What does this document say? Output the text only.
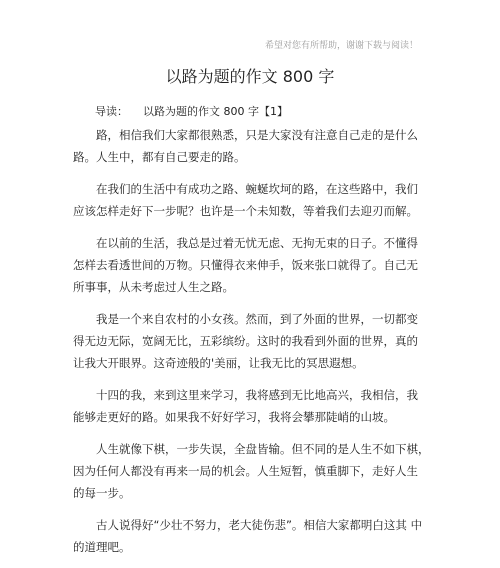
希望对您有所帮助，谢谢下载与阅读！
以路为题的作文 800 字
导读： 以路为题的作文 800 字【1】

路，相信我们大家都很熟悉，只是大家没有注意自己走的是什么 路。人生中，都有自己要走的路。

在我们的生活中有成功之路、蜿蜒坎坷的路，在这些路中，我们 应该怎样走好下一步呢？也许是一个未知数，等着我们去迎刃而解。

在以前的生活，我总是过着无忧无虑、无拘无束的日子。不懂得 怎样去看透世间的万物。只懂得衣来伸手，饭来张口就得了。自己无 所事事，从未考虑过人生之路。

我是一个来自农村的小女孩。然而，到了外面的世界，一切都变 得无边无际，宽阔无比，五彩缤纷。这时的我看到外面的世界，真的 让我大开眼界。这奇迹般的'美丽，让我无比的冥思遐想。

十四的我，来到这里来学习，我将感到无比地高兴，我相信，我 能够走更好的路。如果我不好好学习，我将会攀那陡峭的山坡。

人生就像下棋，一步失误，全盘皆输。但不同的是人生不如下棋， 因为任何人都没有再来一局的机会。人生短暂，慎重脚下，走好人生 的每一步。

古人说得好“少壮不努力，老大徒伤悲”。相信大家都明白这其 中的道理吧。
